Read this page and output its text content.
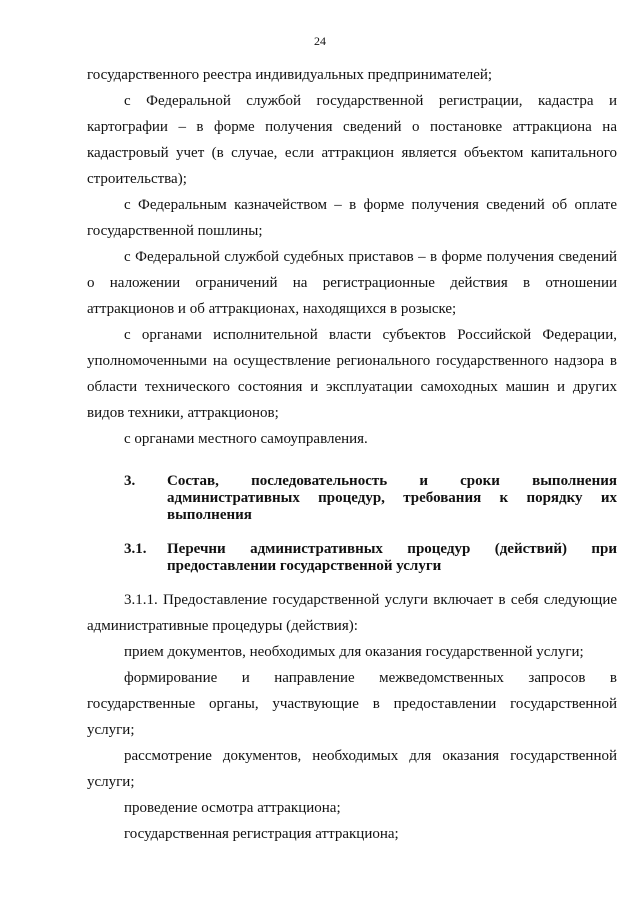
24

государственного реестра индивидуальных предпринимателей;

с Федеральной службой государственной регистрации, кадастра и картографии – в форме получения сведений о постановке аттракциона на кадастровый учет (в случае, если аттракцион является объектом капитального строительства);

с Федеральным казначейством – в форме получения сведений об оплате государственной пошлины;

с Федеральной службой судебных приставов – в форме получения сведений о наложении ограничений на регистрационные действия в отношении аттракционов и об аттракционах, находящихся в розыске;

с органами исполнительной власти субъектов Российской Федерации, уполномоченными на осуществление регионального государственного надзора в области технического состояния и эксплуатации самоходных машин и других видов техники, аттракционов;

с органами местного самоуправления.

3.	Состав, последовательность и сроки выполнения административных процедур, требования к порядку их выполнения
3.1.	Перечни административных процедур (действий) при предоставлении государственной услуги

3.1.1. Предоставление государственной услуги включает в себя следующие административные процедуры (действия):

прием документов, необходимых для оказания государственной услуги;

формирование и направление межведомственных запросов в государственные органы, участвующие в предоставлении государственной услуги;

рассмотрение документов, необходимых для оказания государственной услуги;

проведение осмотра аттракциона;

государственная регистрация аттракциона;
